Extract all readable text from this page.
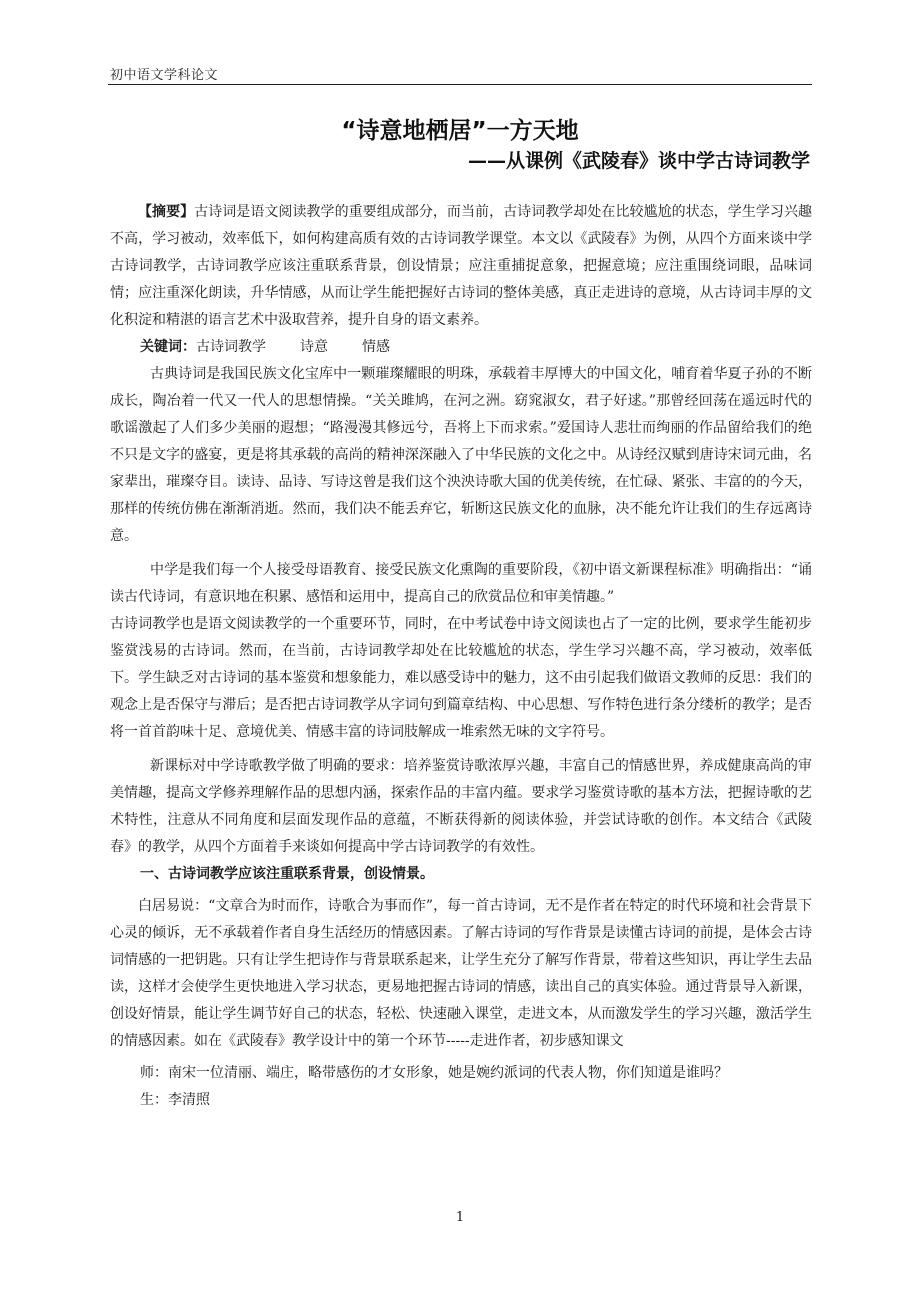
初中语文学科论文
“诗意地栖居”一方天地
——从课例《武陵春》谈中学古诗词教学

【摘要】古诗词是语文阅读教学的重要组成部分，而当前，古诗词教学却处在比较尴尬的状态，学生学习兴趣不高，学习被动，效率低下，如何构建高质有效的古诗词教学课堂。本文以《武陵春》为例，从四个方面来谈中学古诗词教学，古诗词教学应该注重联系背景，创设情景；应注重捕捉意象，把握意境；应注重围绕词眼，品味词情；应注重深化朗读，升华情感，从而让学生能把握好古诗词的整体美感，真正走进诗的意境，从古诗词丰厚的文化积淀和精湛的语言艺术中汲取营养，提升自身的语文素养。

关键词：古诗词教学 诗意 情感

古典诗词是我国民族文化宝库中一颗璀璨耀眼的明珠，承载着丰厚博大的中国文化，哺育着华夏子孙的不断成长，陶冶着一代又一代人的思想情操。“关关雎鸠，在河之洲。窈窕淑女，君子好逑。”那曾经回荡在遥远时代的歌谣激起了人们多少美丽的遐想；“路漫漫其修远兮，吾将上下而求索。”爱国诗人悲壮而绚丽的作品留给我们的绝不只是文字的盛宴，更是将其承载的高尚的精神深深融入了中华民族的文化之中。从诗经汉赋到唐诗宋词元曲，名家辈出，璀璨夺目。读诗、品诗、写诗这曾是我们这个泱泱诗歌大国的优美传统，在忙碌、紧张、丰富的的今天，那样的传统仿佛在渐渐消逝。然而，我们决不能丢弃它，斩断这民族文化的血脉，决不能允许让我们的生存远离诗意。

中学是我们每一个人接受母语教育、接受民族文化熏陶的重要阶段，《初中语文新课程标准》明确指出：“诵读古代诗词，有意识地在积累、感悟和运用中，提高自己的欣赏品位和审美情趣。”

古诗词教学也是语文阅读教学的一个重要环节，同时，在中考试卷中诗文阅读也占了一定的比例，要求学生能初步鉴赏浅易的古诗词。然而，在当前，古诗词教学却处在比较尴尬的状态，学生学习兴趣不高，学习被动，效率低下。学生缺乏对古诗词的基本鉴赏和想象能力，难以感受诗中的魅力，这不由引起我们做语文教师的反思：我们的观念上是否保守与滞后；是否把古诗词教学从字词句到篇章结构、中心思想、写作特色进行条分缕析的教学；是否将一首首韵味十足、意境优美、情感丰富的诗词肢解成一堆索然无味的文字符号。

新课标对中学诗歌教学做了明确的要求：培养鉴赏诗歌浓厚兴趣，丰富自己的情感世界，养成健康高尚的审美情趣，提高文学修养理解作品的思想内涵，探索作品的丰富内蕴。要求学习鉴赏诗歌的基本方法，把握诗歌的艺术特性，注意从不同角度和层面发现作品的意蕴，不断获得新的阅读体验，并尝试诗歌的创作。本文结合《武陵春》的教学，从四个方面着手来谈如何提高中学古诗词教学的有效性。

一、古诗词教学应该注重联系背景，创设情景。

白居易说：“文章合为时而作，诗歌合为事而作”，每一首古诗词，无不是作者在特定的时代环境和社会背景下心灵的倾诉，无不承载着作者自身生活经历的情感因素。了解古诗词的写作背景是读懂古诗词的前提，是体会古诗词情感的一把钥匙。只有让学生把诗作与背景联系起来，让学生充分了解写作背景，带着这些知识，再让学生去品读，这样才会使学生更快地进入学习状态，更易地把握古诗词的情感，读出自己的真实体验。通过背景导入新课，创设好情景，能让学生调节好自己的状态，轻松、快速融入课堂，走进文本，从而激发学生的学习兴趣，激活学生的情感因素。如在《武陵春》教学设计中的第一个环节-----走进作者，初步感知课文

师：南宋一位清丽、端庄，略带感伤的才女形象，她是婉约派词的代表人物，你们知道是谁吗？

生：李清照

1
